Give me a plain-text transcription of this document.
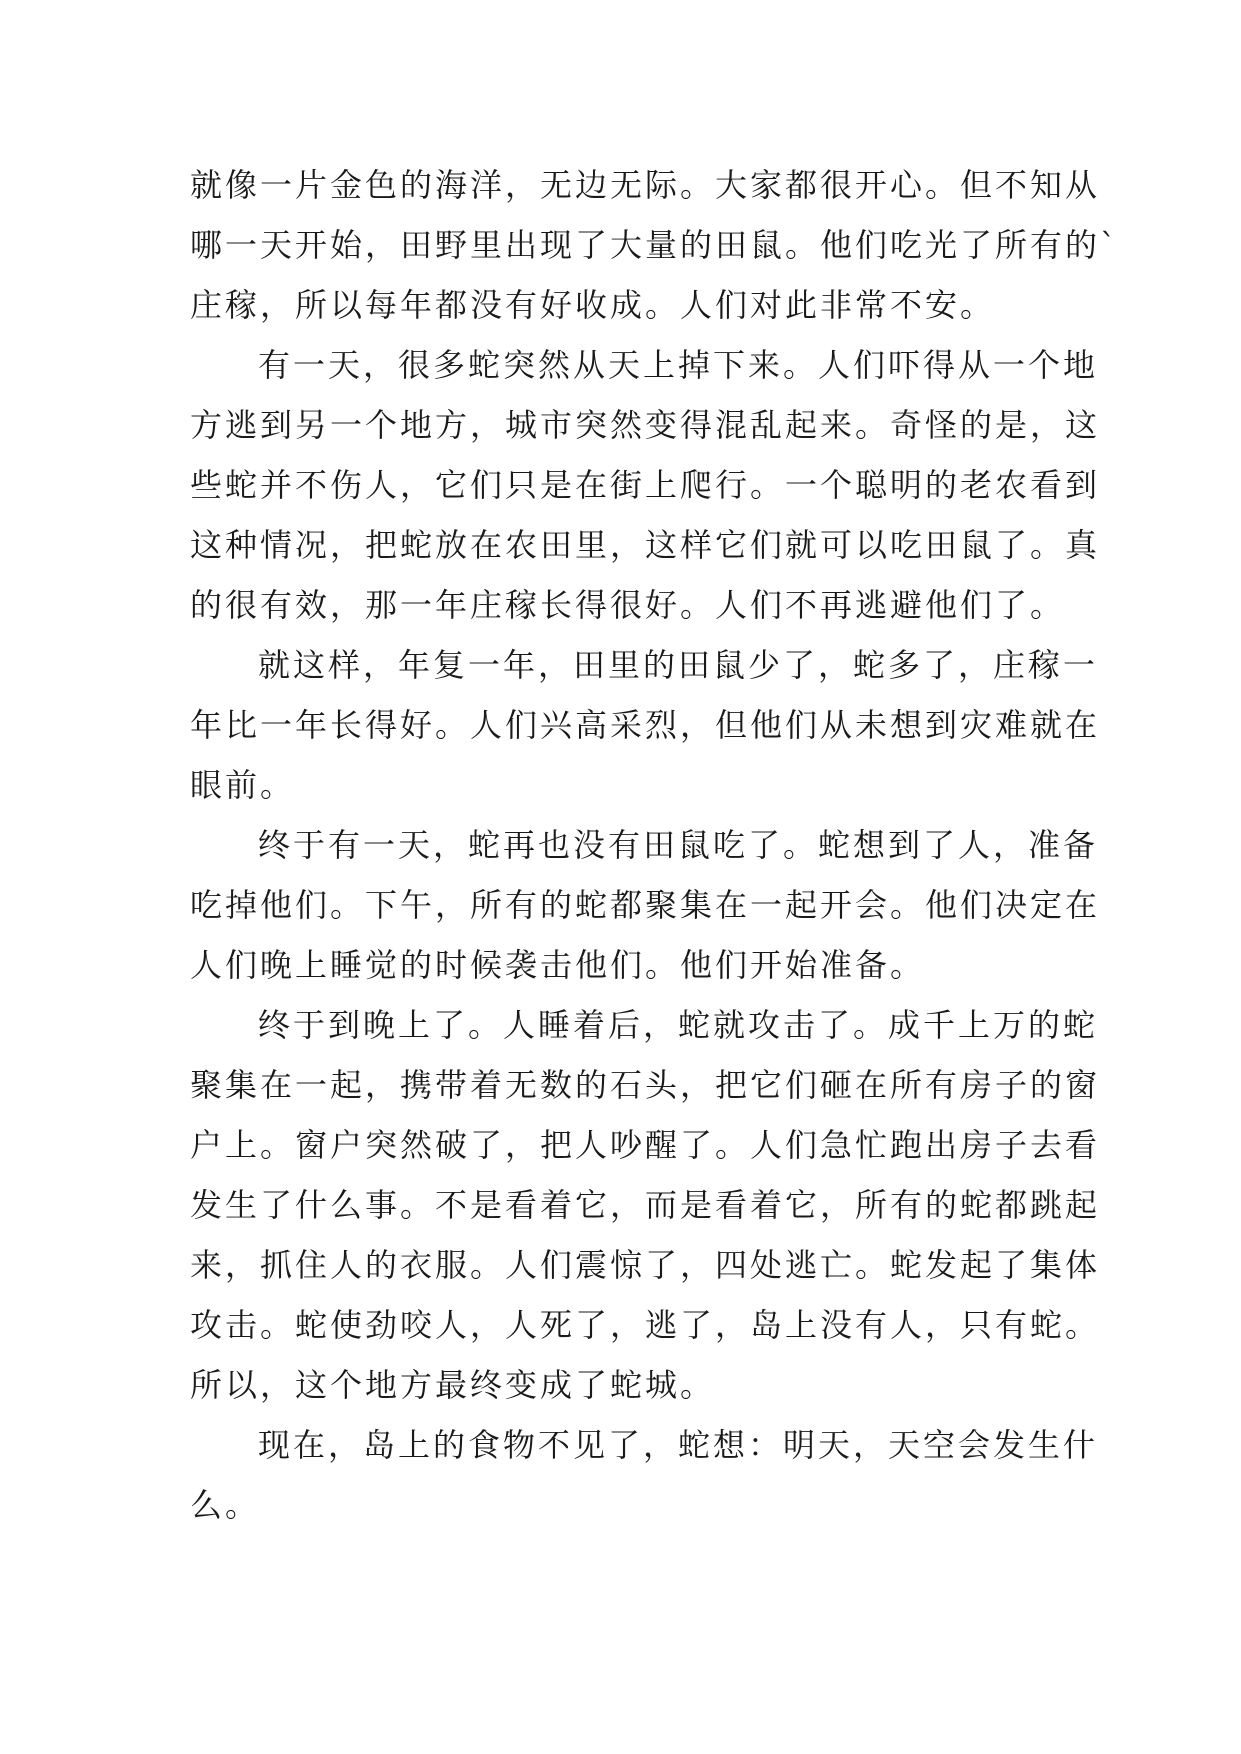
就像一片金色的海洋，无边无际。大家都很开心。但不知从
哪一天开始，田野里出现了大量的田鼠。他们吃光了所有的`
庄稼，所以每年都没有好收成。人们对此非常不安。
有一天，很多蛇突然从天上掉下来。人们吓得从一个地
方逃到另一个地方，城市突然变得混乱起来。奇怪的是，这
些蛇并不伤人，它们只是在街上爬行。一个聪明的老农看到
这种情况，把蛇放在农田里，这样它们就可以吃田鼠了。真
的很有效，那一年庄稼长得很好。人们不再逃避他们了。
就这样，年复一年，田里的田鼠少了，蛇多了，庄稼一
年比一年长得好。人们兴高采烈，但他们从未想到灾难就在
眼前。
终于有一天，蛇再也没有田鼠吃了。蛇想到了人，准备
吃掉他们。下午，所有的蛇都聚集在一起开会。他们决定在
人们晚上睡觉的时候袭击他们。他们开始准备。
终于到晚上了。人睡着后，蛇就攻击了。成千上万的蛇
聚集在一起，携带着无数的石头，把它们砸在所有房子的窗
户上。窗户突然破了，把人吵醒了。人们急忙跑出房子去看
发生了什么事。不是看着它，而是看着它，所有的蛇都跳起
来，抓住人的衣服。人们震惊了，四处逃亡。蛇发起了集体
攻击。蛇使劲咬人，人死了，逃了，岛上没有人，只有蛇。
所以，这个地方最终变成了蛇城。
现在，岛上的食物不见了，蛇想：明天，天空会发生什
么。
